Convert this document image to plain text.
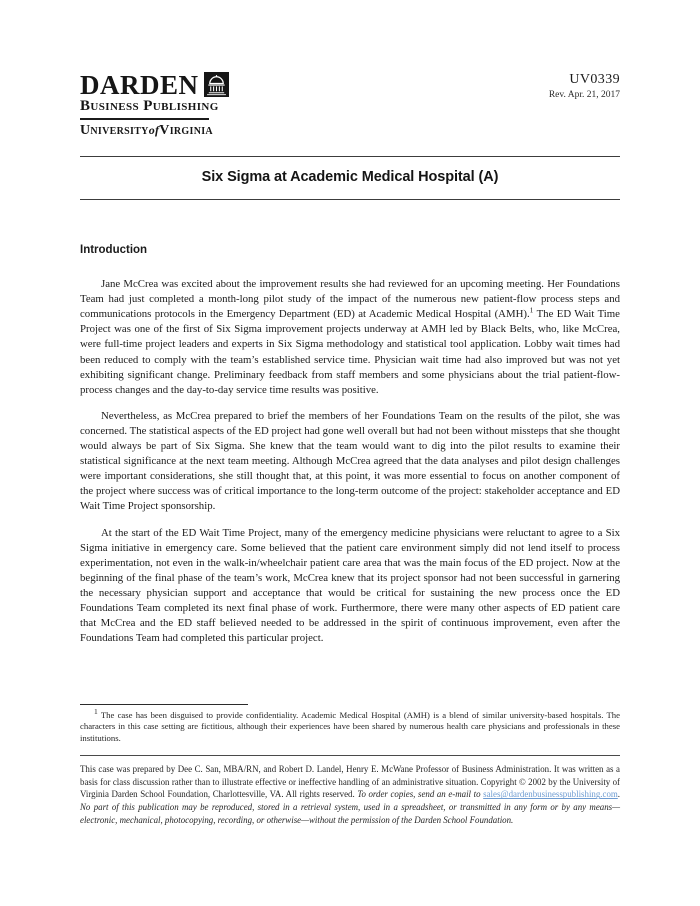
DARDEN
Business Publishing
UniversityofVirginia
UV0339
Rev. Apr. 21, 2017
Six Sigma at Academic Medical Hospital (A)
Introduction

Jane McCrea was excited about the improvement results she had reviewed for an upcoming meeting. Her Foundations Team had just completed a month-long pilot study of the impact of the numerous new patient-flow process steps and communications protocols in the Emergency Department (ED) at Academic Medical Hospital (AMH).$^1$ The ED Wait Time Project was one of the first of Six Sigma improvement projects underway at AMH led by Black Belts, who, like McCrea, were full-time project leaders and experts in Six Sigma methodology and statistical tool application. Lobby wait times had been reduced to comply with the team’s established service time. Physician wait time had also improved but was not yet exhibiting significant change. Preliminary feedback from staff members and some physicians about the trial patient-flow-process changes and the day-to-day service time results was positive.

Nevertheless, as McCrea prepared to brief the members of her Foundations Team on the results of the pilot, she was concerned. The statistical aspects of the ED project had gone well overall but had not been without missteps that she thought would always be part of Six Sigma. She knew that the team would want to dig into the pilot results to examine their statistical significance at the next team meeting. Although McCrea agreed that the data analyses and pilot design challenges were important considerations, she still thought that, at this point, it was more essential to focus on another component of the project where success was of critical importance to the long-term outcome of the project: stakeholder acceptance and ED Wait Time Project sponsorship.

At the start of the ED Wait Time Project, many of the emergency medicine physicians were reluctant to agree to a Six Sigma initiative in emergency care. Some believed that the patient care environment simply did not lend itself to process experimentation, not even in the walk-in/wheelchair patient care area that was the main focus of the ED project. Now at the beginning of the final phase of the team’s work, McCrea knew that its project sponsor had not been successful in garnering the necessary physician support and acceptance that would be critical for sustaining the new process once the ED Foundations Team completed its next final phase of work. Furthermore, there were many other aspects of ED patient care that McCrea and the ED staff believed needed to be addressed in the spirit of continuous improvement, even after the Foundations Team had completed this particular project.

$^1$ The case has been disguised to provide confidentiality. Academic Medical Hospital (AMH) is a blend of similar university-based hospitals. The characters in this case setting are fictitious, although their experiences have been shared by numerous health care physicians and professionals in these institutions.

This case was prepared by Dee C. San, MBA/RN, and Robert D. Landel, Henry E. McWane Professor of Business Administration. It was written as a basis for class discussion rather than to illustrate effective or ineffective handling of an administrative situation. Copyright © 2002 by the University of Virginia Darden School Foundation, Charlottesville, VA. All rights reserved. To order copies, send an e-mail to sales@dardenbusinesspublishing.com. No part of this publication may be reproduced, stored in a retrieval system, used in a spreadsheet, or transmitted in any form or by any means—electronic, mechanical, photocopying, recording, or otherwise—without the permission of the Darden School Foundation.
